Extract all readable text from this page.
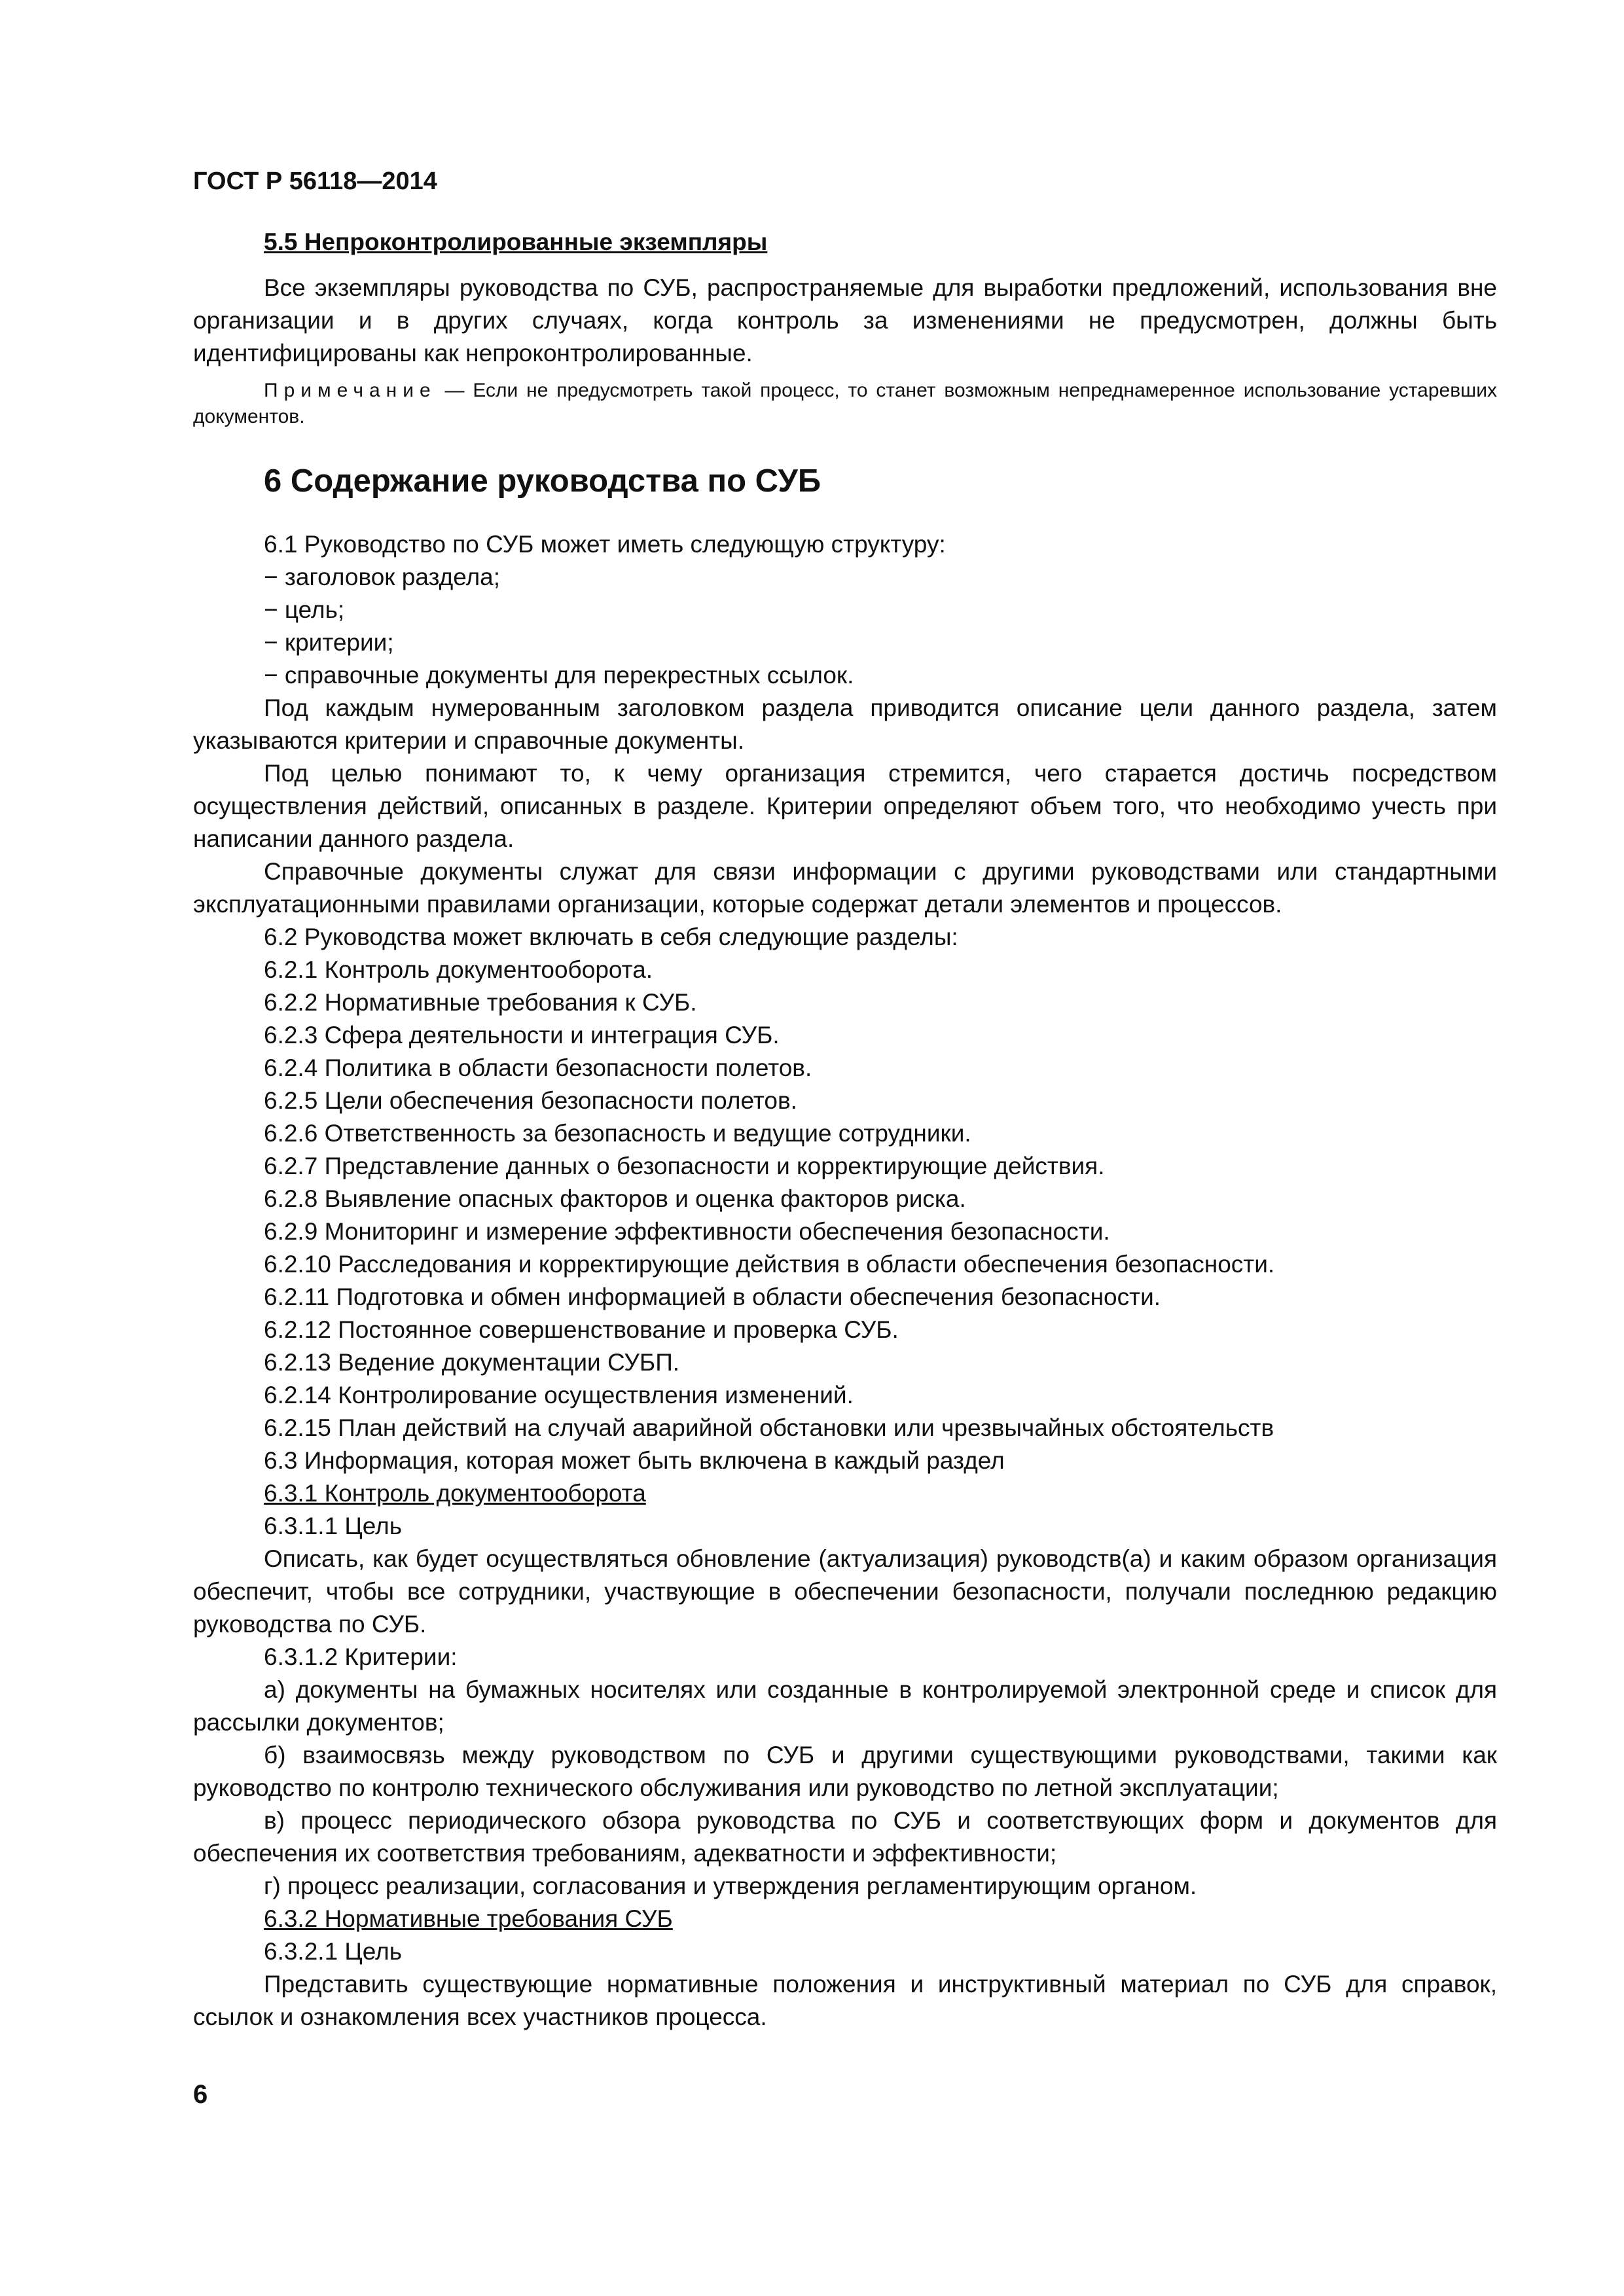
ГОСТ Р 56118—2014

5.5 Непроконтролированные экземпляры

Все экземпляры руководства по СУБ, распространяемые для выработки предложений, использования вне организации и в других случаях, когда контроль за изменениями не предусмотрен, должны быть идентифицированы как непроконтролированные.

Примечание — Если не предусмотреть такой процесс, то станет возможным непреднамеренное использование устаревших документов.

6 Содержание руководства по СУБ

6.1 Руководство по СУБ может иметь следующую структуру:

− заголовок раздела;

− цель;

− критерии;

− справочные документы для перекрестных ссылок.

Под каждым нумерованным заголовком раздела приводится описание цели данного раздела, затем указываются критерии и справочные документы.

Под целью понимают то, к чему организация стремится, чего старается достичь посредством осуществления действий, описанных в разделе. Критерии определяют объем того, что необходимо учесть при написании данного раздела.

Справочные документы служат для связи информации с другими руководствами или стандартными эксплуатационными правилами организации, которые содержат детали элементов и процессов.

6.2 Руководства может включать в себя следующие разделы:

6.2.1 Контроль документооборота.

6.2.2 Нормативные требования к СУБ.

6.2.3 Сфера деятельности и интеграция СУБ.

6.2.4 Политика в области безопасности полетов.

6.2.5 Цели обеспечения безопасности полетов.

6.2.6 Ответственность за безопасность и ведущие сотрудники.

6.2.7 Представление данных о безопасности и корректирующие действия.

6.2.8 Выявление опасных факторов и оценка факторов риска.

6.2.9 Мониторинг и измерение эффективности обеспечения безопасности.

6.2.10 Расследования и корректирующие действия в области обеспечения безопасности.

6.2.11 Подготовка и обмен информацией в области обеспечения безопасности.

6.2.12 Постоянное совершенствование и проверка СУБ.

6.2.13 Ведение документации СУБП.

6.2.14 Контролирование осуществления изменений.

6.2.15 План действий на случай аварийной обстановки или чрезвычайных обстоятельств

6.3 Информация, которая может быть включена в каждый раздел

6.3.1 Контроль документооборота

6.3.1.1 Цель

Описать, как будет осуществляться обновление (актуализация) руководств(а) и каким образом организация обеспечит, чтобы все сотрудники, участвующие в обеспечении безопасности, получали последнюю редакцию руководства по СУБ.

6.3.1.2 Критерии:

а) документы на бумажных носителях или созданные в контролируемой электронной среде и список для рассылки документов;

б) взаимосвязь между руководством по СУБ и другими существующими руководствами, такими как руководство по контролю технического обслуживания или руководство по летной эксплуатации;

в) процесс периодического обзора руководства по СУБ и соответствующих форм и документов для обеспечения их соответствия требованиям, адекватности и эффективности;

г) процесс реализации, согласования и утверждения регламентирующим органом.

6.3.2 Нормативные требования СУБ

6.3.2.1 Цель

Представить существующие нормативные положения и инструктивный материал по СУБ для справок, ссылок и ознакомления всех участников процесса.

6
